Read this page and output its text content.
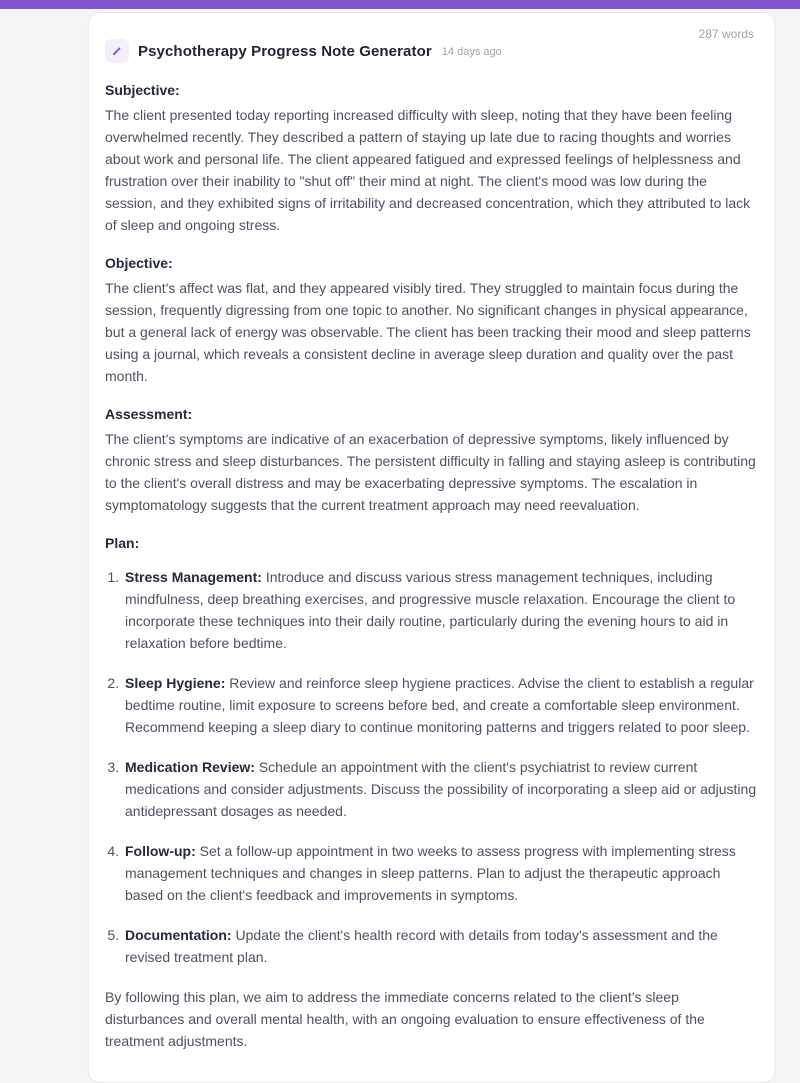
287 words
Psychotherapy Progress Note Generator 14 days ago
Subjective:

The client presented today reporting increased difficulty with sleep, noting that they have been feeling overwhelmed recently. They described a pattern of staying up late due to racing thoughts and worries about work and personal life. The client appeared fatigued and expressed feelings of helplessness and frustration over their inability to "shut off" their mind at night. The client's mood was low during the session, and they exhibited signs of irritability and decreased concentration, which they attributed to lack of sleep and ongoing stress.

Objective:

The client's affect was flat, and they appeared visibly tired. They struggled to maintain focus during the session, frequently digressing from one topic to another. No significant changes in physical appearance, but a general lack of energy was observable. The client has been tracking their mood and sleep patterns using a journal, which reveals a consistent decline in average sleep duration and quality over the past month.

Assessment:

The client's symptoms are indicative of an exacerbation of depressive symptoms, likely influenced by chronic stress and sleep disturbances. The persistent difficulty in falling and staying asleep is contributing to the client's overall distress and may be exacerbating depressive symptoms. The escalation in symptomatology suggests that the current treatment approach may need reevaluation.

Plan:
1. Stress Management: Introduce and discuss various stress management techniques, including mindfulness, deep breathing exercises, and progressive muscle relaxation. Encourage the client to incorporate these techniques into their daily routine, particularly during the evening hours to aid in relaxation before bedtime.
2. Sleep Hygiene: Review and reinforce sleep hygiene practices. Advise the client to establish a regular bedtime routine, limit exposure to screens before bed, and create a comfortable sleep environment. Recommend keeping a sleep diary to continue monitoring patterns and triggers related to poor sleep.
3. Medication Review: Schedule an appointment with the client's psychiatrist to review current medications and consider adjustments. Discuss the possibility of incorporating a sleep aid or adjusting antidepressant dosages as needed.
4. Follow-up: Set a follow-up appointment in two weeks to assess progress with implementing stress management techniques and changes in sleep patterns. Plan to adjust the therapeutic approach based on the client's feedback and improvements in symptoms.
5. Documentation: Update the client's health record with details from today's assessment and the revised treatment plan.

By following this plan, we aim to address the immediate concerns related to the client's sleep disturbances and overall mental health, with an ongoing evaluation to ensure effectiveness of the treatment adjustments.
